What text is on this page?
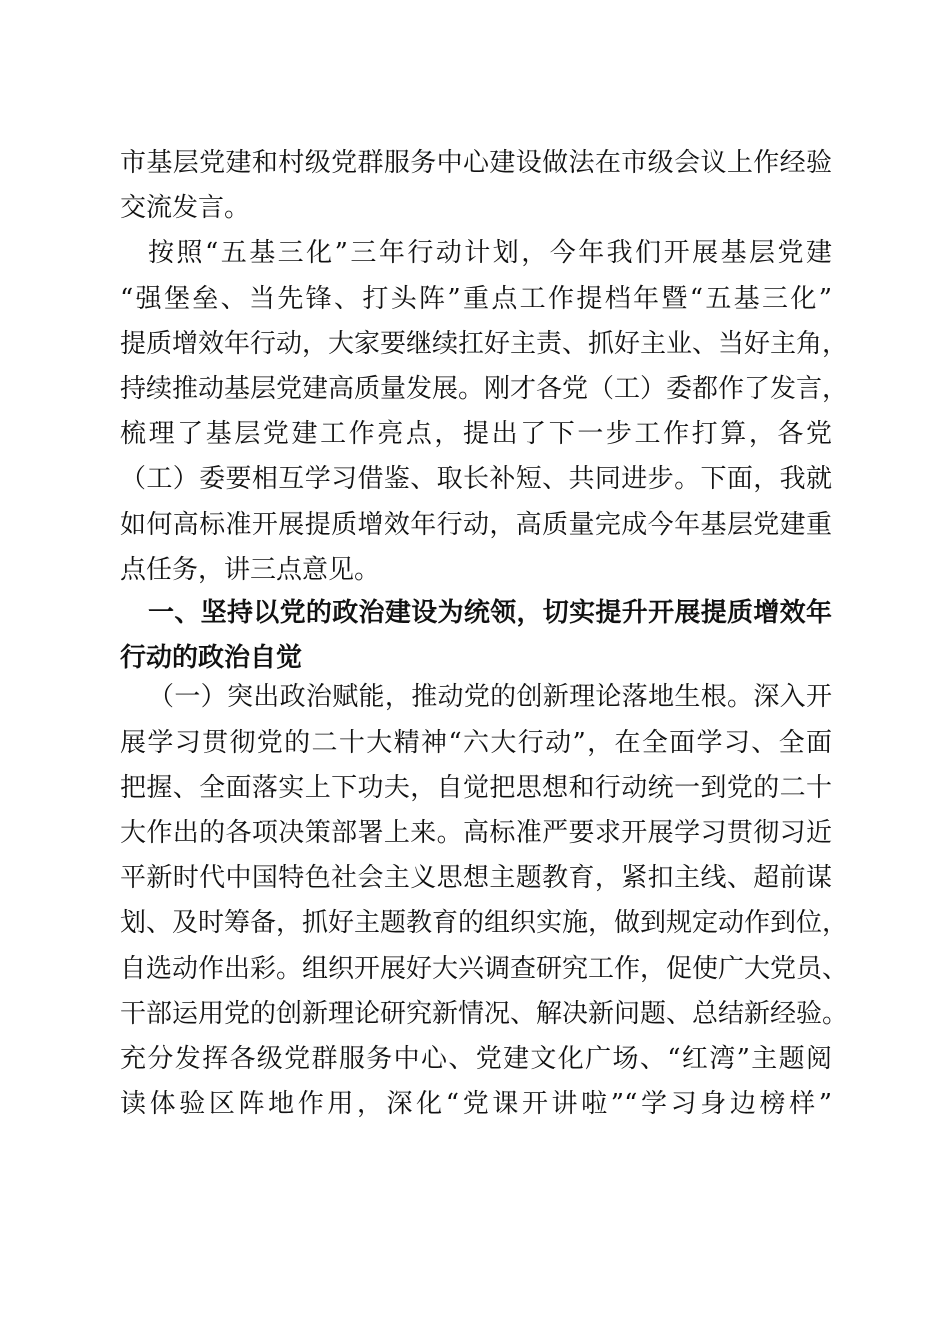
市基层党建和村级党群服务中心建设做法在市级会议上作经验
交流发言。
按照“五基三化”三年行动计划，今年我们开展基层党建
“强堡垒、当先锋、打头阵”重点工作提档年暨“五基三化”
提质增效年行动，大家要继续扛好主责、抓好主业、当好主角，
持续推动基层党建高质量发展。刚才各党（工）委都作了发言，
梳理了基层党建工作亮点，提出了下一步工作打算，各党
（工）委要相互学习借鉴、取长补短、共同进步。下面，我就
如何高标准开展提质增效年行动，高质量完成今年基层党建重
点任务，讲三点意见。
一、坚持以党的政治建设为统领，切实提升开展提质增效年
行动的政治自觉
（一）突出政治赋能，推动党的创新理论落地生根。深入开
展学习贯彻党的二十大精神“六大行动”，在全面学习、全面
把握、全面落实上下功夫，自觉把思想和行动统一到党的二十
大作出的各项决策部署上来。高标准严要求开展学习贯彻习近
平新时代中国特色社会主义思想主题教育，紧扣主线、超前谋
划、及时筹备，抓好主题教育的组织实施，做到规定动作到位，
自选动作出彩。组织开展好大兴调查研究工作，促使广大党员、
干部运用党的创新理论研究新情况、解决新问题、总结新经验。
充分发挥各级党群服务中心、党建文化广场、“红湾”主题阅
读体验区阵地作用，深化“党课开讲啦”“学习身边榜样”
